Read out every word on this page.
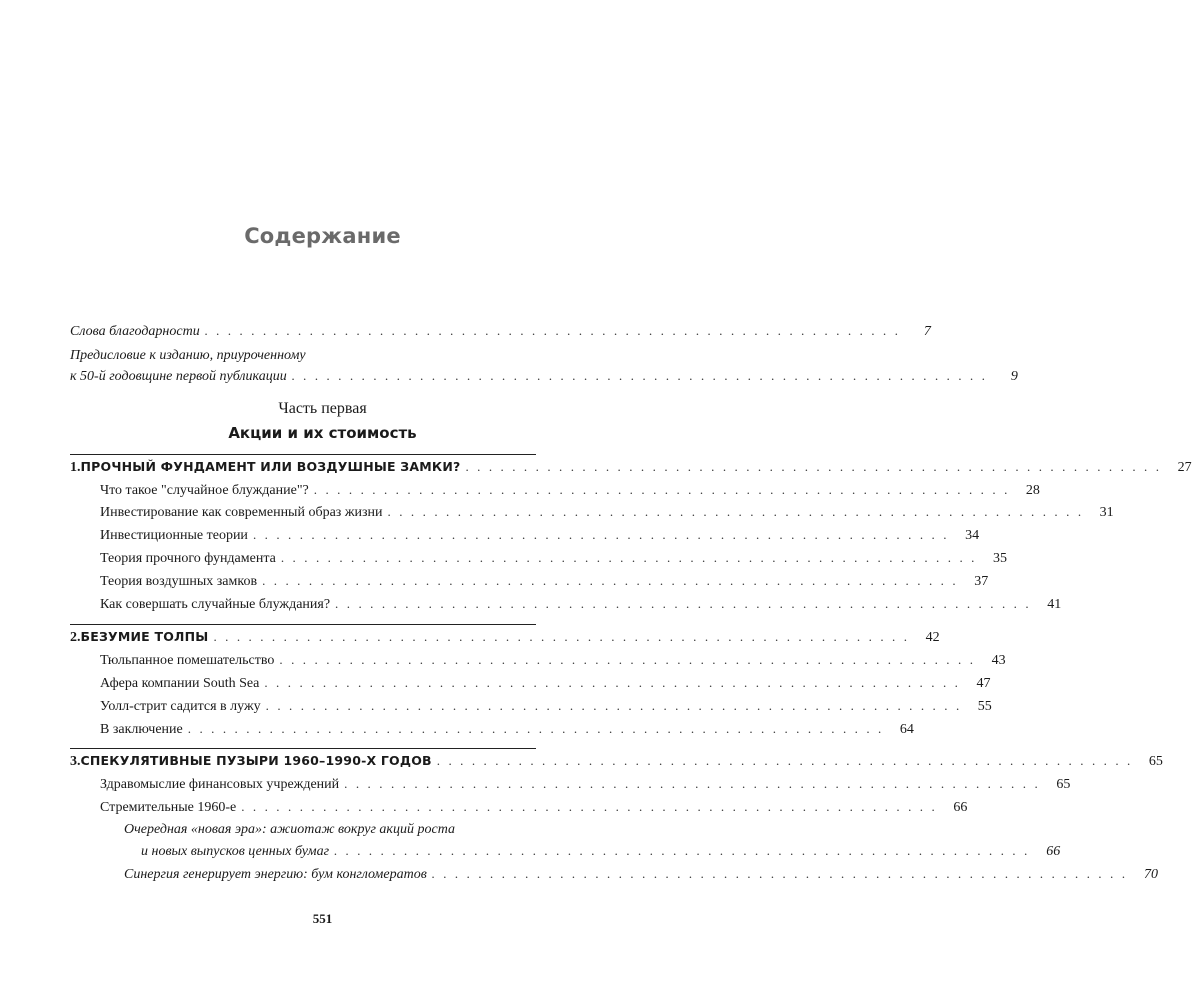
Содержание
Слова благодарности . . . . . . . . . . . . . . . . . . . . . . . . . . . . . . . . . . . . . . . . . . . . . . . . . . . . . . . . . . . .	7
Предисловие к изданию, приуроченному
к 50-й годовщине первой публикации . . . . . . . . . . . . . . . . . . . . . . . . . . . . . . . . . . . . . . . . . . . . . . . . . . . . . . . . . . . .	9
Часть первая
Акции и их стоимость
1. ПРОЧНЫЙ ФУНДАМЕНТ ИЛИ ВОЗДУШНЫЕ ЗАМКИ? . . . . . . . . . . . . . . . . . . . . . . . . . . . . . . . . . . . . . . . . . . . . . . . . . . . . . . . . . . . .	27
Что такое "случайное блуждание"? . . . . . . . . . . . . . . . . . . . . . . . . . . . . . . . . . . . . . . . . . . . . . . . . . . . . . . . . . . . .	28
Инвестирование как современный образ жизни . . . . . . . . . . . . . . . . . . . . . . . . . . . . . . . . . . . . . . . . . . . . . . . . . . . . . . . . . . . .	31
Инвестиционные теории . . . . . . . . . . . . . . . . . . . . . . . . . . . . . . . . . . . . . . . . . . . . . . . . . . . . . . . . . . . .	34
Теория прочного фундамента . . . . . . . . . . . . . . . . . . . . . . . . . . . . . . . . . . . . . . . . . . . . . . . . . . . . . . . . . . . .	35
Теория воздушных замков . . . . . . . . . . . . . . . . . . . . . . . . . . . . . . . . . . . . . . . . . . . . . . . . . . . . . . . . . . . .	37
Как совершать случайные блуждания? . . . . . . . . . . . . . . . . . . . . . . . . . . . . . . . . . . . . . . . . . . . . . . . . . . . . . . . . . . . .	41
2. БЕЗУМИЕ ТОЛПЫ . . . . . . . . . . . . . . . . . . . . . . . . . . . . . . . . . . . . . . . . . . . . . . . . . . . . . . . . . . . .	42
Тюльпанное помешательство . . . . . . . . . . . . . . . . . . . . . . . . . . . . . . . . . . . . . . . . . . . . . . . . . . . . . . . . . . . .	43
Афера компании South Sea . . . . . . . . . . . . . . . . . . . . . . . . . . . . . . . . . . . . . . . . . . . . . . . . . . . . . . . . . . . .	47
Уолл-стрит садится в лужу . . . . . . . . . . . . . . . . . . . . . . . . . . . . . . . . . . . . . . . . . . . . . . . . . . . . . . . . . . . .	55
В заключение . . . . . . . . . . . . . . . . . . . . . . . . . . . . . . . . . . . . . . . . . . . . . . . . . . . . . . . . . . . .	64
3. СПЕКУЛЯТИВНЫЕ ПУЗЫРИ 1960–1990-Х ГОДОВ . . . . . . . . . . . . . . . . . . . . . . . . . . . . . . . . . . . . . . . . . . . . . . . . . . . . . . . . . . . .	65
Здравомыслие финансовых учреждений . . . . . . . . . . . . . . . . . . . . . . . . . . . . . . . . . . . . . . . . . . . . . . . . . . . . . . . . . . . .	65
Стремительные 1960-е . . . . . . . . . . . . . . . . . . . . . . . . . . . . . . . . . . . . . . . . . . . . . . . . . . . . . . . . . . . .	66
Очередная «новая эра»: ажиотаж вокруг акций роста
и новых выпусков ценных бумаг . . . . . . . . . . . . . . . . . . . . . . . . . . . . . . . . . . . . . . . . . . . . . . . . . . . . . . . . . . . .	66
Синергия генерирует энергию: бум конгломератов . . . . . . . . . . . . . . . . . . . . . . . . . . . . . . . . . . . . . . . . . . . . . . . . . . . . . . . . . . . .	70
551
